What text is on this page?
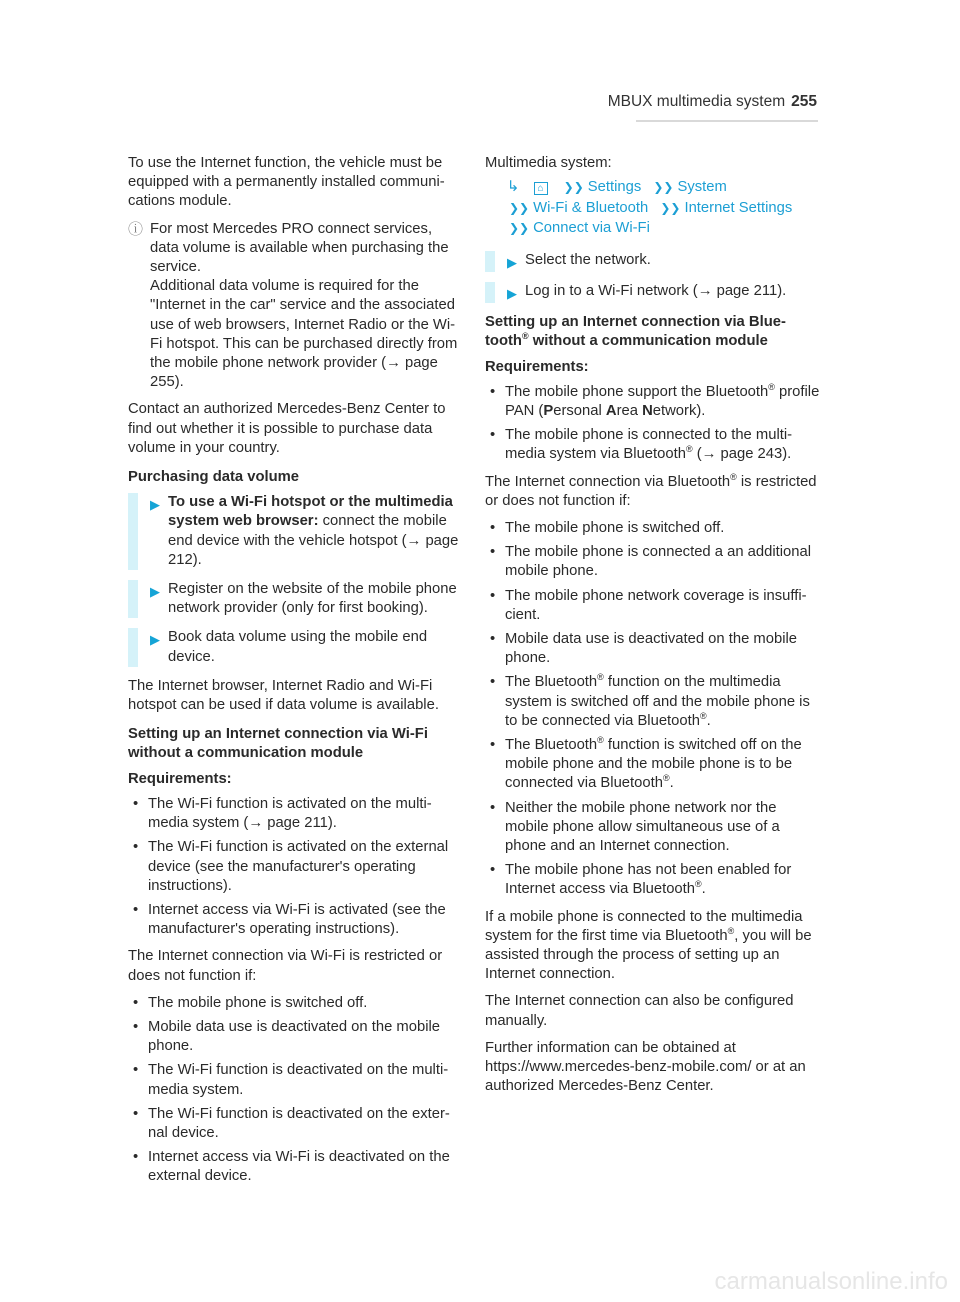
MBUX multimedia system 255

To use the Internet function, the vehicle must be equipped with a permanently installed communications module.

ⓘ For most Mercedes PRO connect services, data volume is available when purchasing the service.

Additional data volume is required for the "Internet in the car" service and the associated use of web browsers, Internet Radio or the Wi-Fi hotspot. This can be purchased directly from the mobile phone network provider (→ page 255).

Contact an authorized Mercedes-Benz Center to find out whether it is possible to purchase data volume in your country.

Purchasing data volume
▶ To use a Wi-Fi hotspot or the multimedia system web browser: connect the mobile end device with the vehicle hotspot (→ page 212).
▶ Register on the website of the mobile phone network provider (only for first booking).
▶ Book data volume using the mobile end device.

The Internet browser, Internet Radio and Wi-Fi hotspot can be used if data volume is available.

Setting up an Internet connection via Wi-Fi without a communication module
Requirements:
• The Wi-Fi function is activated on the multimedia system (→ page 211).
• The Wi-Fi function is activated on the external device (see the manufacturer's operating instructions).
• Internet access via Wi-Fi is activated (see the manufacturer's operating instructions).

The Internet connection via Wi-Fi is restricted or does not function if:

• The mobile phone is switched off.
• Mobile data use is deactivated on the mobile phone.
• The Wi-Fi function is deactivated on the multimedia system.
• The Wi-Fi function is deactivated on the external device.
• Internet access via Wi-Fi is deactivated on the external device.

Multimedia system:

↳ ⌂ ❯❯ Settings ❯❯ System
❯❯ Wi-Fi & Bluetooth ❯❯ Internet Settings
❯❯ Connect via Wi-Fi
▶ Select the network.
▶ Log in to a Wi-Fi network (→ page 211).
Setting up an Internet connection via Bluetooth® without a communication module
Requirements:
• The mobile phone support the Bluetooth® profile PAN (Personal Area Network).
• The mobile phone is connected to the multimedia system via Bluetooth® (→ page 243).

The Internet connection via Bluetooth® is restricted or does not function if:

• The mobile phone is switched off.
• The mobile phone is connected a an additional mobile phone.
• The mobile phone network coverage is insufficient.
• Mobile data use is deactivated on the mobile phone.
• The Bluetooth® function on the multimedia system is switched off and the mobile phone is to be connected via Bluetooth®.
• The Bluetooth® function is switched off on the mobile phone and the mobile phone is to be connected via Bluetooth®.
• Neither the mobile phone network nor the mobile phone allow simultaneous use of a phone and an Internet connection.
• The mobile phone has not been enabled for Internet access via Bluetooth®.

If a mobile phone is connected to the multimedia system for the first time via Bluetooth®, you will be assisted through the process of setting up an Internet connection.

The Internet connection can also be configured manually.

Further information can be obtained at https://www.mercedes-benz-mobile.com/ or at an authorized Mercedes-Benz Center.

carmanualsonline.info
